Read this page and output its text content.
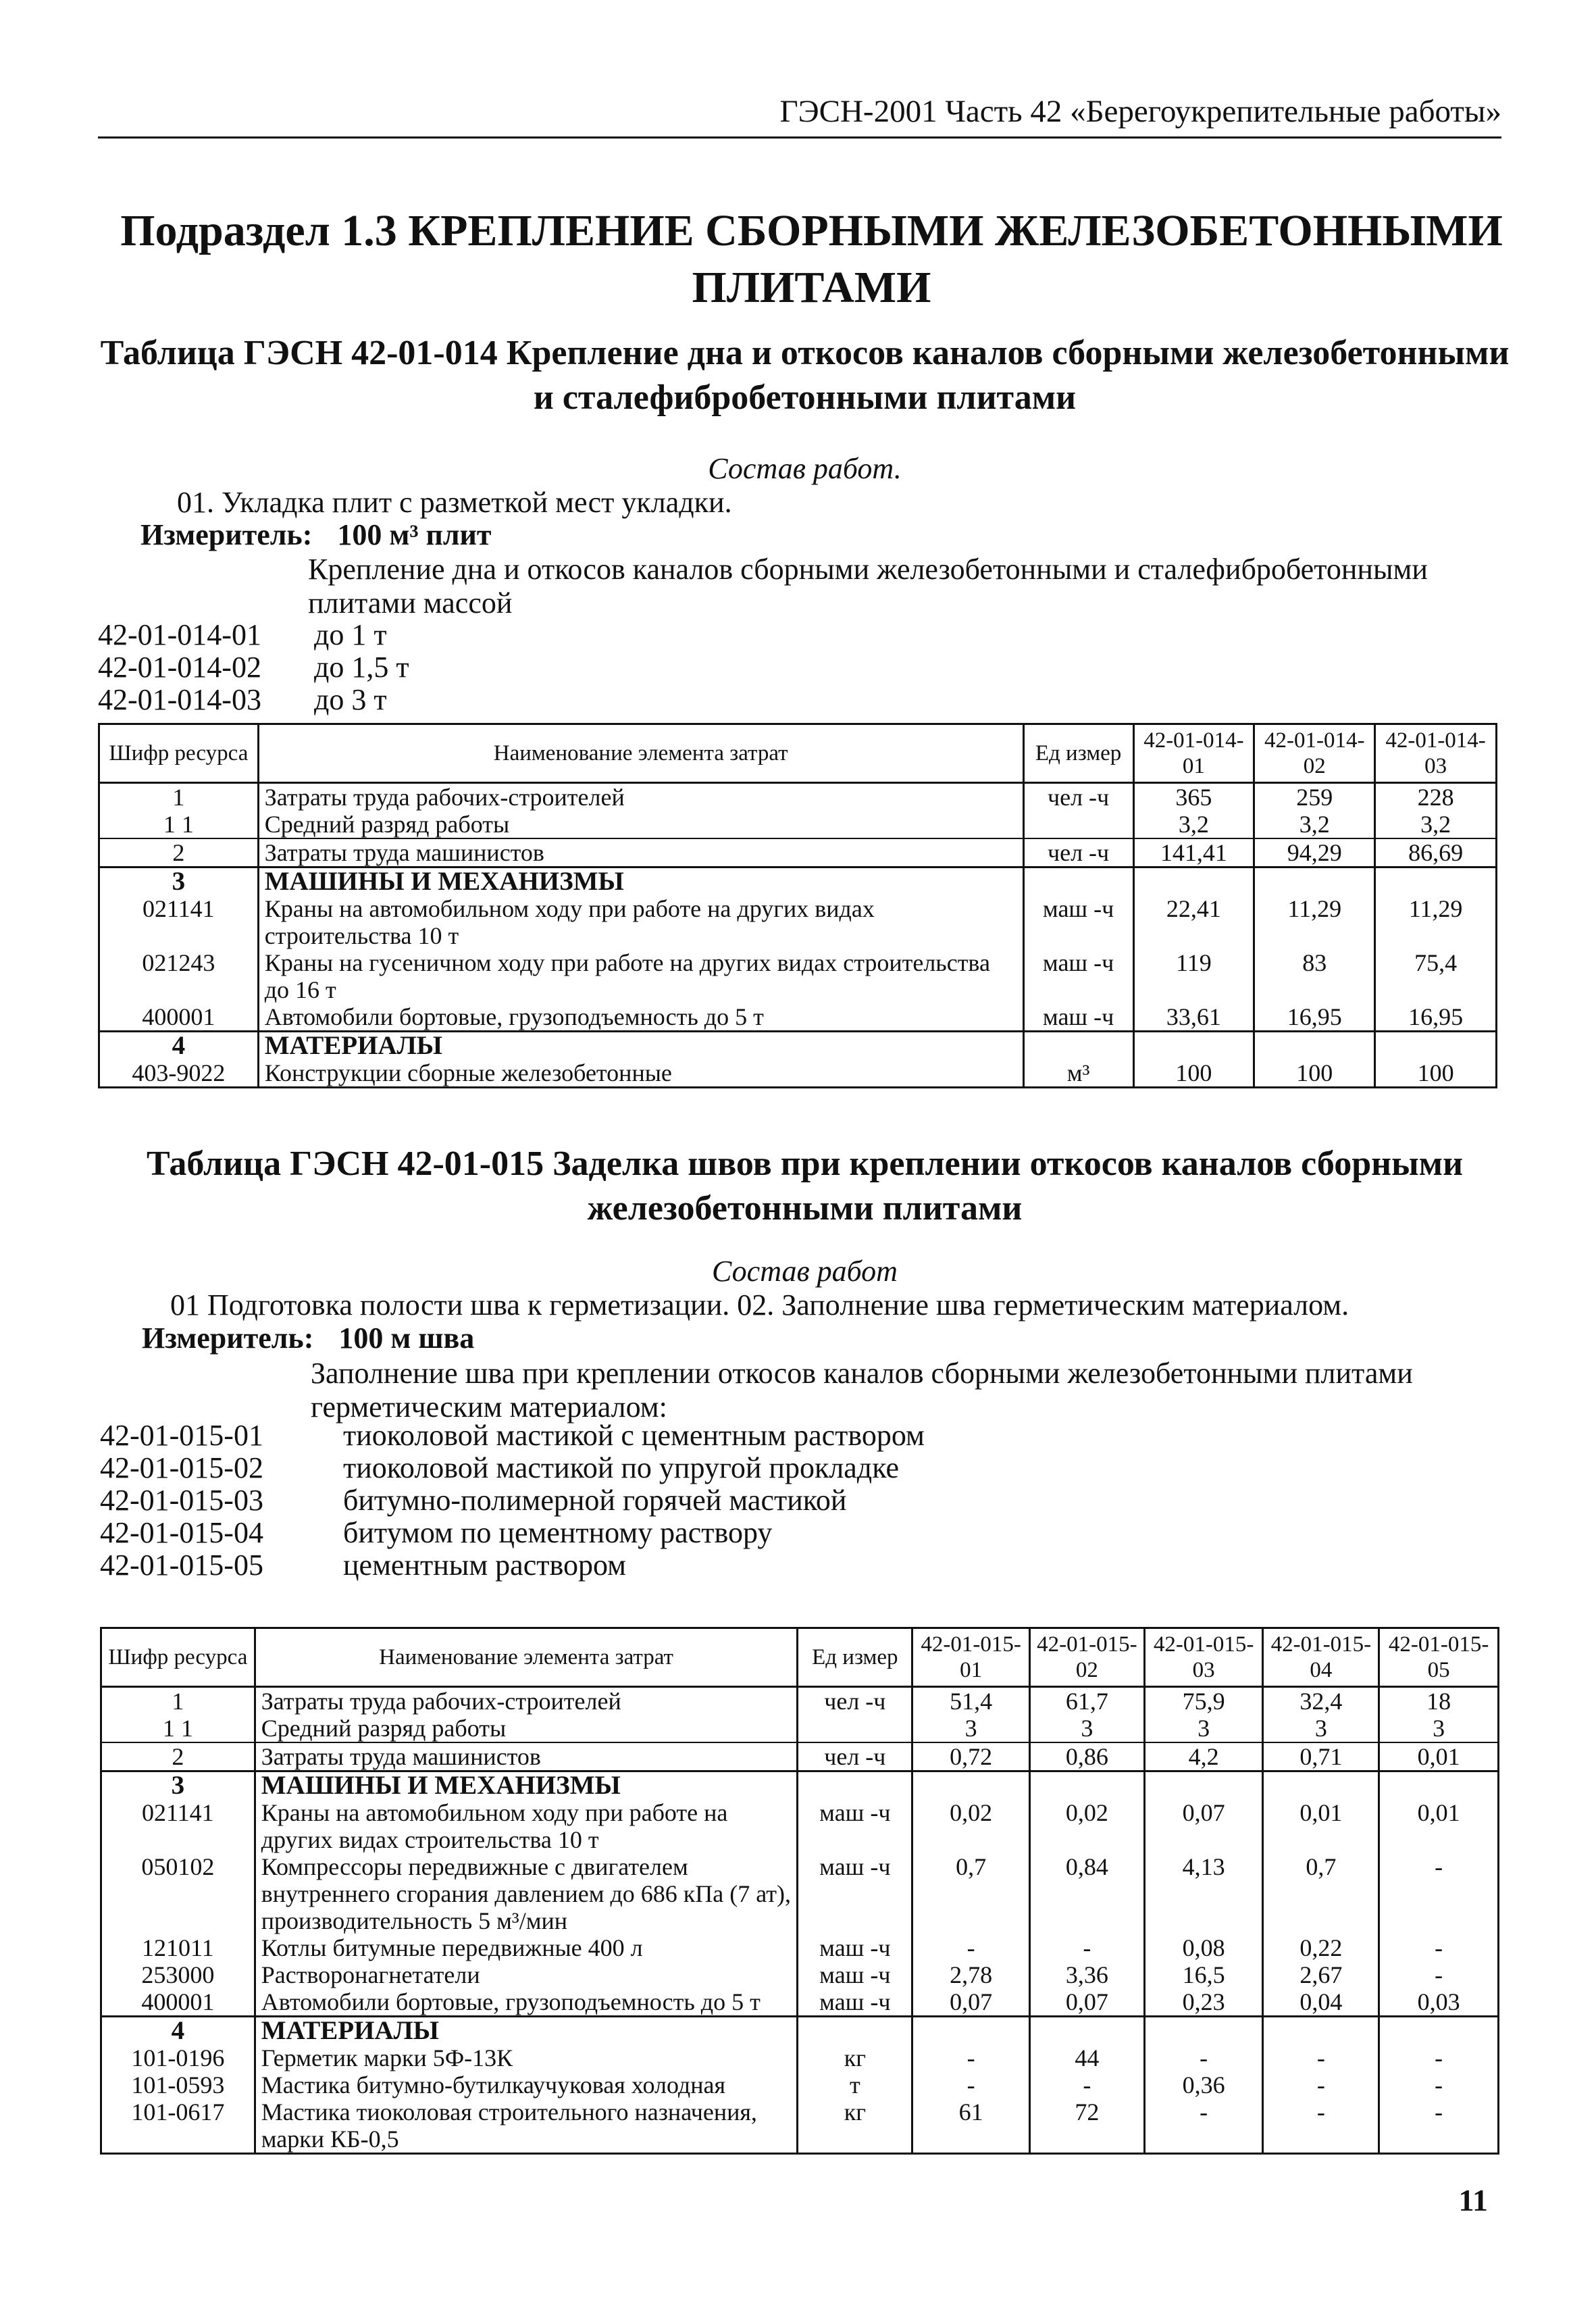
ГЭСН-2001 Часть 42 «Берегоукрепительные работы»
Подраздел 1.3 КРЕПЛЕНИЕ СБОРНЫМИ ЖЕЛЕЗОБЕТОННЫМИ
ПЛИТАМИ
Таблица ГЭСН 42-01-014 Крепление дна и откосов каналов сборными железобетонными
и сталефибробетонными плитами
Состав работ.
01. Укладка плит с разметкой мест укладки.
Измеритель: 100 м³ плит
Крепление дна и откосов каналов сборными железобетонными и сталефибробетонными плитами массой
42-01-014-01 до 1 т
42-01-014-02 до 1,5 т
42-01-014-03 до 3 т
Шифр ресурса	Наименование элемента затрат	Ед измер	42-01-014-01	42-01-014-02	42-01-014-03
1	Затраты труда рабочих-строителей	чел -ч	365	259	228
1 1	Средний разряд работы		3,2	3,2	3,2
2	Затраты труда машинистов	чел -ч	141,41	94,29	86,69
3	МАШИНЫ И МЕХАНИЗМЫ				
021141	Краны на автомобильном ходу при работе на других видах строительства 10 т	маш -ч	22,41	11,29	11,29
021243	Краны на гусеничном ходу при работе на других видах строительства до 16 т	маш -ч	119	83	75,4
400001	Автомобили бортовые, грузоподъемность до 5 т	маш -ч	33,61	16,95	16,95
4	МАТЕРИАЛЫ				
403-9022	Конструкции сборные железобетонные	м³	100	100	100
Таблица ГЭСН 42-01-015 Заделка швов при креплении откосов каналов сборными железобетонными плитами
Состав работ
01 Подготовка полости шва к герметизации. 02. Заполнение шва герметическим материалом.
Измеритель: 100 м шва
Заполнение шва при креплении откосов каналов сборными железобетонными плитами герметическим материалом:
42-01-015-01	тиоколовой мастикой с цементным раствором
42-01-015-02	тиоколовой мастикой по упругой прокладке
42-01-015-03	битумно-полимерной горячей мастикой
42-01-015-04	битумом по цементному раствору
42-01-015-05	цементным раствором
Шифр ресурса	Наименование элемента затрат	Ед измер	42-01-015-01	42-01-015-02	42-01-015-03	42-01-015-04	42-01-015-05
1	Затраты труда рабочих-строителей	чел -ч	51,4	61,7	75,9	32,4	18
1 1	Средний разряд работы		3	3	3	3	3
2	Затраты труда машинистов	чел -ч	0,72	0,86	4,2	0,71	0,01
3	МАШИНЫ И МЕХАНИЗМЫ						
021141	Краны на автомобильном ходу при работе на других видах строительства 10 т	маш -ч	0,02	0,02	0,07	0,01	0,01
050102	Компрессоры передвижные с двигателем внутреннего сгорания давлением до 686 кПа (7 ат), производительность 5 м³/мин	маш -ч	0,7	0,84	4,13	0,7	-
121011	Котлы битумные передвижные 400 л	маш -ч	-	-	0,08	0,22	-
253000	Растворонагнетатели	маш -ч	2,78	3,36	16,5	2,67	-
400001	Автомобили бортовые, грузоподъемность до 5 т	маш -ч	0,07	0,07	0,23	0,04	0,03
4	МАТЕРИАЛЫ						
101-0196	Герметик марки 5Ф-13К	кг	-	44	-	-	-
101-0593	Мастика битумно-бутилкаучуковая холодная	т	-	-	0,36	-	-
101-0617	Мастика тиоколовая строительного назначения, марки КБ-0,5	кг	61	72	-	-	-
11
